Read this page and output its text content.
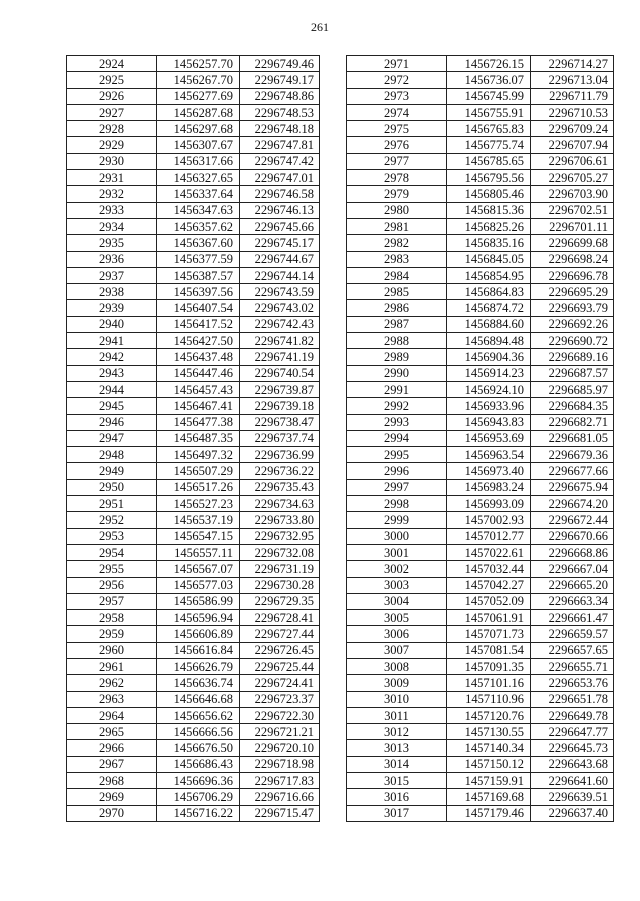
261
2924	1456257.70	2296749.46
2925	1456267.70	2296749.17
2926	1456277.69	2296748.86
2927	1456287.68	2296748.53
2928	1456297.68	2296748.18
2929	1456307.67	2296747.81
2930	1456317.66	2296747.42
2931	1456327.65	2296747.01
2932	1456337.64	2296746.58
2933	1456347.63	2296746.13
2934	1456357.62	2296745.66
2935	1456367.60	2296745.17
2936	1456377.59	2296744.67
2937	1456387.57	2296744.14
2938	1456397.56	2296743.59
2939	1456407.54	2296743.02
2940	1456417.52	2296742.43
2941	1456427.50	2296741.82
2942	1456437.48	2296741.19
2943	1456447.46	2296740.54
2944	1456457.43	2296739.87
2945	1456467.41	2296739.18
2946	1456477.38	2296738.47
2947	1456487.35	2296737.74
2948	1456497.32	2296736.99
2949	1456507.29	2296736.22
2950	1456517.26	2296735.43
2951	1456527.23	2296734.63
2952	1456537.19	2296733.80
2953	1456547.15	2296732.95
2954	1456557.11	2296732.08
2955	1456567.07	2296731.19
2956	1456577.03	2296730.28
2957	1456586.99	2296729.35
2958	1456596.94	2296728.41
2959	1456606.89	2296727.44
2960	1456616.84	2296726.45
2961	1456626.79	2296725.44
2962	1456636.74	2296724.41
2963	1456646.68	2296723.37
2964	1456656.62	2296722.30
2965	1456666.56	2296721.21
2966	1456676.50	2296720.10
2967	1456686.43	2296718.98
2968	1456696.36	2296717.83
2969	1456706.29	2296716.66
2970	1456716.22	2296715.47
2971	1456726.15	2296714.27
2972	1456736.07	2296713.04
2973	1456745.99	2296711.79
2974	1456755.91	2296710.53
2975	1456765.83	2296709.24
2976	1456775.74	2296707.94
2977	1456785.65	2296706.61
2978	1456795.56	2296705.27
2979	1456805.46	2296703.90
2980	1456815.36	2296702.51
2981	1456825.26	2296701.11
2982	1456835.16	2296699.68
2983	1456845.05	2296698.24
2984	1456854.95	2296696.78
2985	1456864.83	2296695.29
2986	1456874.72	2296693.79
2987	1456884.60	2296692.26
2988	1456894.48	2296690.72
2989	1456904.36	2296689.16
2990	1456914.23	2296687.57
2991	1456924.10	2296685.97
2992	1456933.96	2296684.35
2993	1456943.83	2296682.71
2994	1456953.69	2296681.05
2995	1456963.54	2296679.36
2996	1456973.40	2296677.66
2997	1456983.24	2296675.94
2998	1456993.09	2296674.20
2999	1457002.93	2296672.44
3000	1457012.77	2296670.66
3001	1457022.61	2296668.86
3002	1457032.44	2296667.04
3003	1457042.27	2296665.20
3004	1457052.09	2296663.34
3005	1457061.91	2296661.47
3006	1457071.73	2296659.57
3007	1457081.54	2296657.65
3008	1457091.35	2296655.71
3009	1457101.16	2296653.76
3010	1457110.96	2296651.78
3011	1457120.76	2296649.78
3012	1457130.55	2296647.77
3013	1457140.34	2296645.73
3014	1457150.12	2296643.68
3015	1457159.91	2296641.60
3016	1457169.68	2296639.51
3017	1457179.46	2296637.40
